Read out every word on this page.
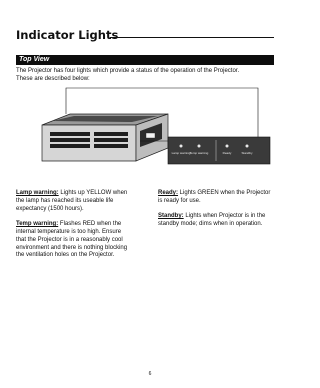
Indicator Lights
Top View
The Projector has four lights which provide a status of the operation of the Projector.
These are described below:
Lamp warning Temp warning	Ready	Standby
Lamp warning: Lights up YELLOW when
the lamp has reached its useable life
expectancy (1500 hours).
Temp warning: Flashes RED when the
internal temperature is too high. Ensure
that the Projector is in a reasonably cool
environment and there is nothing blocking
the ventilation holes on the Projector.
Ready: Lights GREEN when the Projector
is ready for use.
Standby: Lights when Projector is in the
standby mode; dims when in operation.
6
